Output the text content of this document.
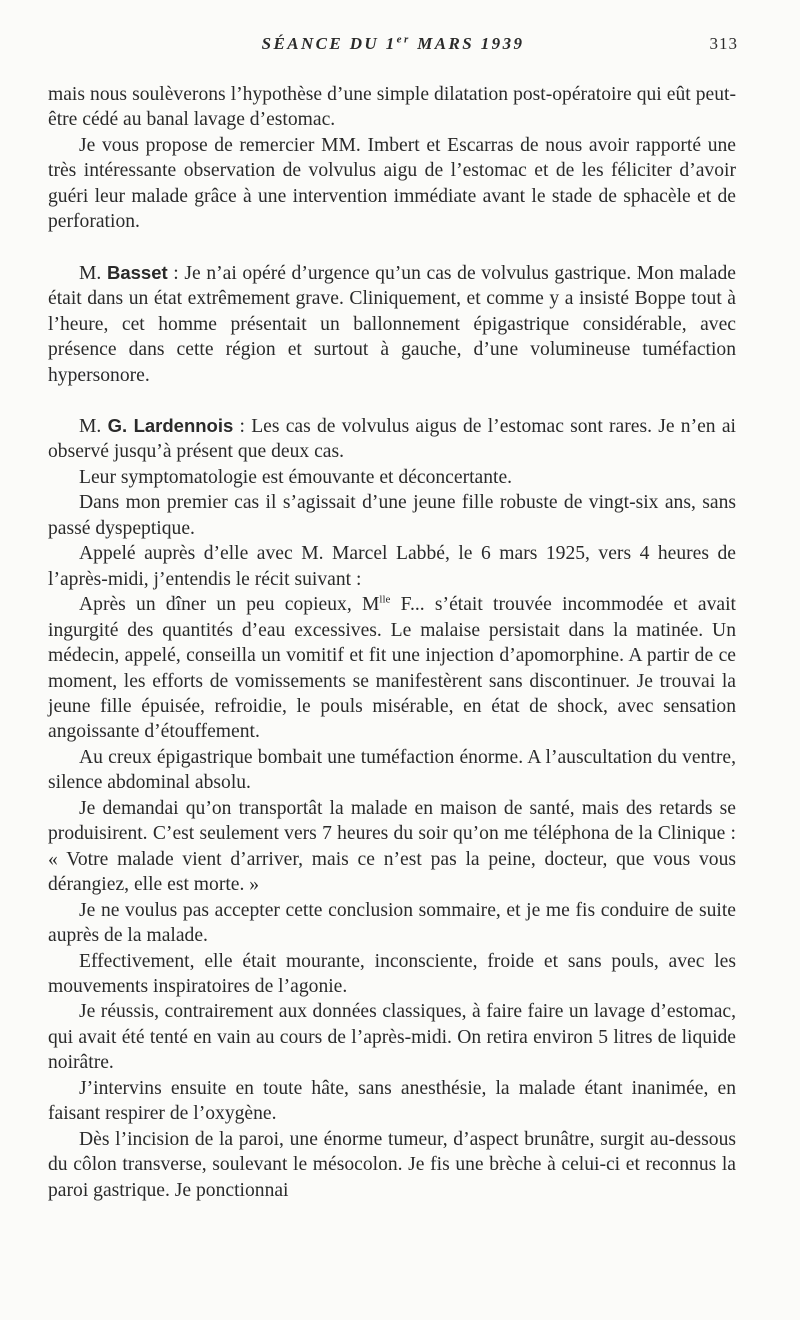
SÉANCE DU 1er MARS 1939	313

mais nous soulèverons l’hypothèse d’une simple dilatation post-opératoire qui eût peut-être cédé au banal lavage d’estomac.

Je vous propose de remercier MM. Imbert et Escarras de nous avoir rapporté une très intéressante observation de volvulus aigu de l’estomac et de les féliciter d’avoir guéri leur malade grâce à une intervention immédiate avant le stade de sphacèle et de perforation.

M. Basset : Je n’ai opéré d’urgence qu’un cas de volvulus gastrique. Mon malade était dans un état extrêmement grave. Cliniquement, et comme y a insisté Boppe tout à l’heure, cet homme présentait un ballonnement épigastrique considérable, avec présence dans cette région et surtout à gauche, d’une volumineuse tuméfaction hypersonore.

M. G. Lardennois : Les cas de volvulus aigus de l’estomac sont rares. Je n’en ai observé jusqu’à présent que deux cas.

Leur symptomatologie est émouvante et déconcertante.

Dans mon premier cas il s’agissait d’une jeune fille robuste de vingt-six ans, sans passé dyspeptique.

Appelé auprès d’elle avec M. Marcel Labbé, le 6 mars 1925, vers 4 heures de l’après-midi, j’entendis le récit suivant :

Après un dîner un peu copieux, $M^{lle}$ F... s’était trouvée incommodée et avait ingurgité des quantités d’eau excessives. Le malaise persistait dans la matinée. Un médecin, appelé, conseilla un vomitif et fit une injection d’apomorphine. A partir de ce moment, les efforts de vomissements se manifestèrent sans discontinuer. Je trouvai la jeune fille épuisée, refroidie, le pouls misérable, en état de shock, avec sensation angoissante d’étouffement.

Au creux épigastrique bombait une tuméfaction énorme. A l’auscultation du ventre, silence abdominal absolu.

Je demandai qu’on transportât la malade en maison de santé, mais des retards se produisirent. C’est seulement vers 7 heures du soir qu’on me téléphona de la Clinique : « Votre malade vient d’arriver, mais ce n’est pas la peine, docteur, que vous vous dérangiez, elle est morte. »

Je ne voulus pas accepter cette conclusion sommaire, et je me fis conduire de suite auprès de la malade.

Effectivement, elle était mourante, inconsciente, froide et sans pouls, avec les mouvements inspiratoires de l’agonie.

Je réussis, contrairement aux données classiques, à faire faire un lavage d’estomac, qui avait été tenté en vain au cours de l’après-midi. On retira environ 5 litres de liquide noirâtre.

J’intervins ensuite en toute hâte, sans anesthésie, la malade étant inanimée, en faisant respirer de l’oxygène.

Dès l’incision de la paroi, une énorme tumeur, d’aspect brunâtre, surgit au-dessous du côlon transverse, soulevant le mésocolon. Je fis une brèche à celui-ci et reconnus la paroi gastrique. Je ponctionnai
